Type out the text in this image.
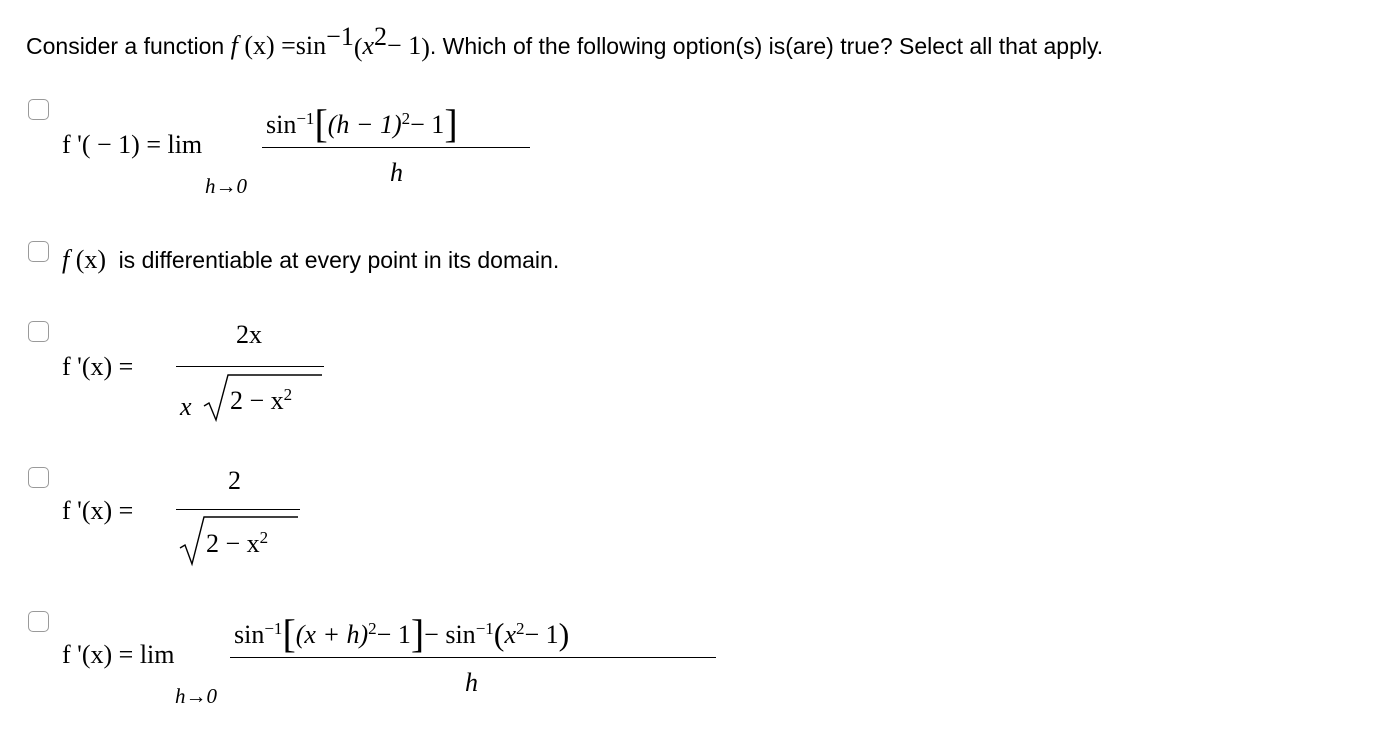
Consider a function f (x) =sin−1(x2− 1). Which of the following option(s) is(are) true? Select all that apply.
f '( − 1) = lim
$\sin^{-1}[(h - 1)^2- 1]$
h
h→0
f (x) is differentiable at every point in its domain.
f '(x) =
2x
x $2 - x^2$
f '(x) =
2
$2 - x^2$
f '(x) = lim
$\sin^{-1}[(x + h)^2- 1]- \sin^{-1}(x^2- 1)$
h
h→0
